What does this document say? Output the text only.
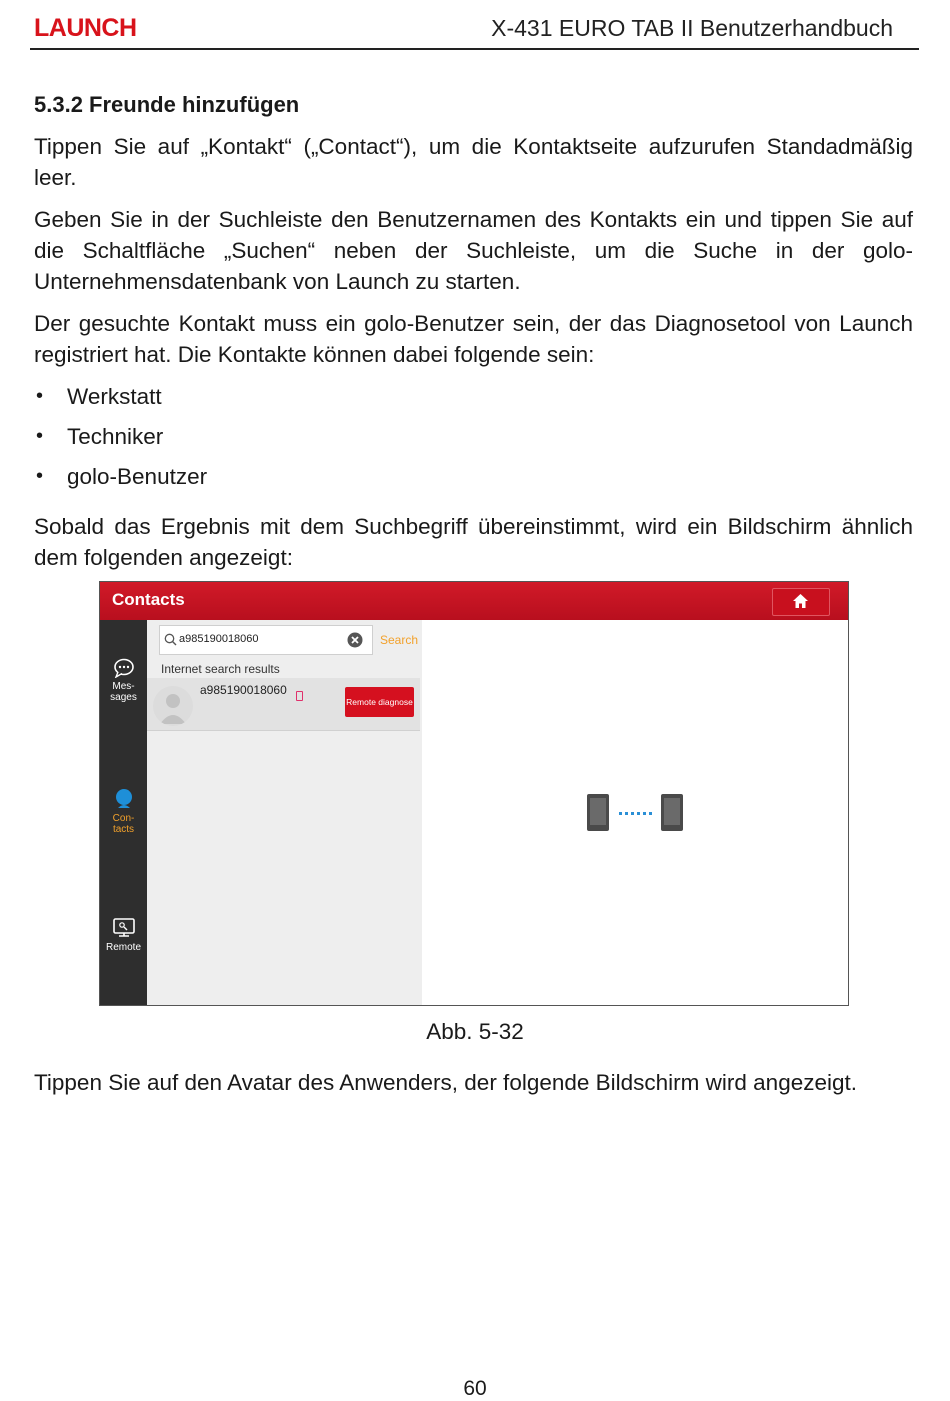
LAUNCH	X-431 EURO TAB II Benutzerhandbuch
5.3.2 Freunde hinzufügen

Tippen Sie auf „Kontakt“ („Contact“), um die Kontaktseite aufzurufen Standadmäßig leer.

Geben Sie in der Suchleiste den Benutzernamen des Kontakts ein und tippen Sie auf die Schaltfläche „Suchen“ neben der Suchleiste, um die Suche in der golo-Unternehmensdatenbank von Launch zu starten.

Der gesuchte Kontakt muss ein golo-Benutzer sein, der das Diagnosetool von Launch registriert hat. Die Kontakte können dabei folgende sein:

• Werkstatt
• Techniker
• golo-Benutzer

Sobald das Ergebnis mit dem Suchbegriff übereinstimmt, wird ein Bildschirm ähnlich dem folgenden angezeigt:

Contacts
Mes-
sages
Con-
tacts
Remote
a985190018060	Search
Internet search results
a985190018060
Remote diagnose
Abb. 5-32

Tippen Sie auf den Avatar des Anwenders, der folgende Bildschirm wird angezeigt.

60
